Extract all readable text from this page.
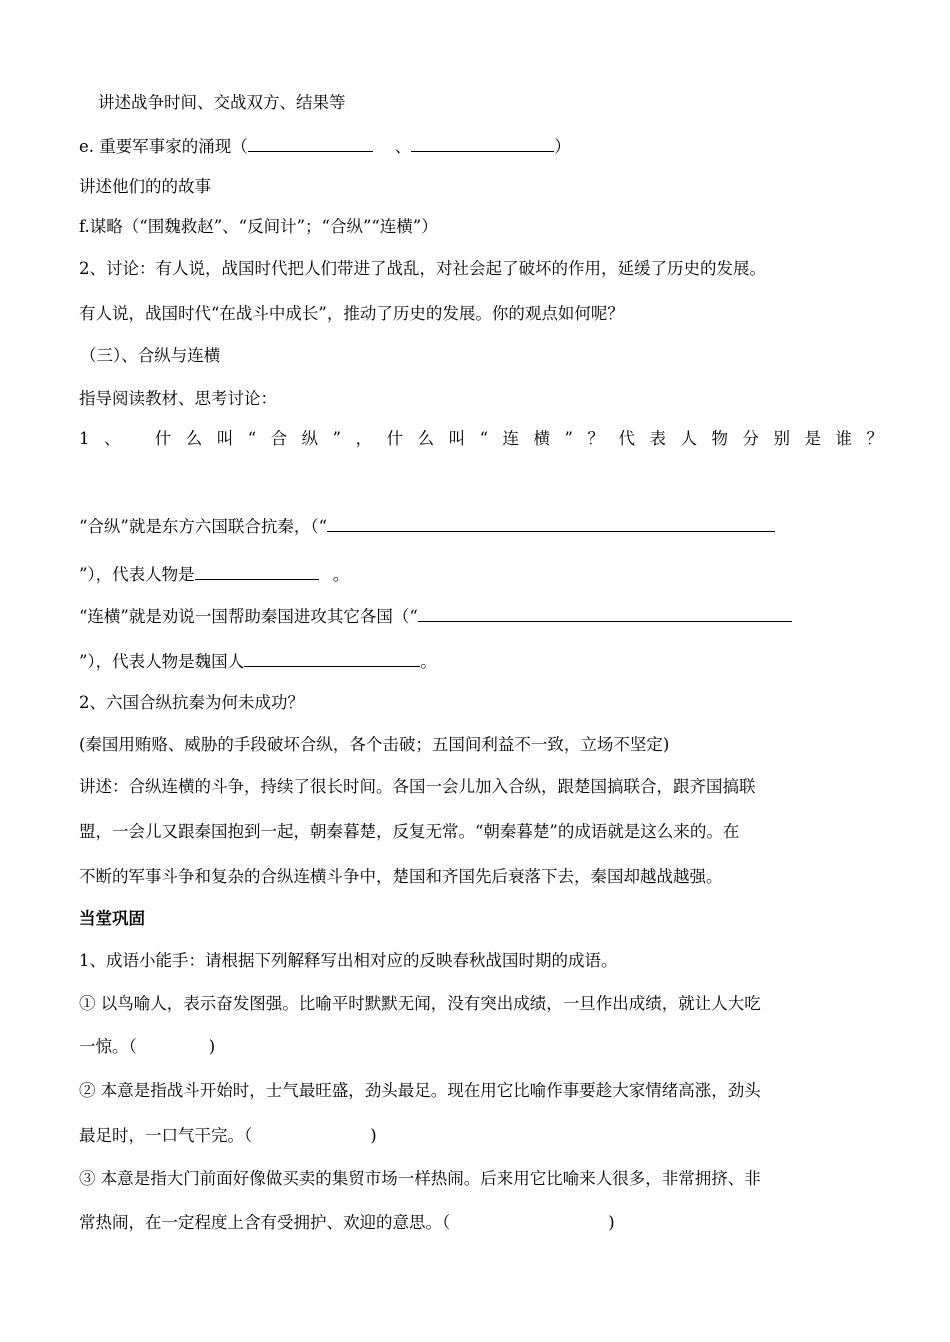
讲述战争时间、交战双方、结果等
e. 重要军事家的涌现（	、	）
讲述他们的的故事
f.谋略（“围魏救赵”、“反间计”；“合纵”“连横”）
2、讨论：有人说，战国时代把人们带进了战乱，对社会起了破坏的作用，延缓了历史的发展。
有人说，战国时代“在战斗中成长”，推动了历史的发展。你的观点如何呢？
（三）、合纵与连横
指导阅读教材、思考讨论：
1、 什么叫“合纵”，什么叫“连横”？代表人物分别是谁？
“合纵”就是东方六国联合抗秦，（“
”），代表人物是	。
“连横”就是劝说一国帮助秦国进攻其它各国（“
”），代表人物是魏国人	。
2、六国合纵抗秦为何未成功？
(秦国用贿赂、威胁的手段破坏合纵，各个击破；五国间利益不一致，立场不坚定)
讲述：合纵连横的斗争，持续了很长时间。各国一会儿加入合纵，跟楚国搞联合，跟齐国搞联
盟，一会儿又跟秦国抱到一起，朝秦暮楚，反复无常。“朝秦暮楚”的成语就是这么来的。在
不断的军事斗争和复杂的合纵连横斗争中，楚国和齐国先后衰落下去，秦国却越战越强。
当堂巩固
1、成语小能手：请根据下列解释写出相对应的反映春秋战国时期的成语。
① 以鸟喻人，表示奋发图强。比喻平时默默无闻，没有突出成绩，一旦作出成绩，就让人大吃
一惊。（	)
② 本意是指战斗开始时，士气最旺盛，劲头最足。现在用它比喻作事要趁大家情绪高涨，劲头
最足时，一口气干完。（	)
③ 本意是指大门前面好像做买卖的集贸市场一样热闹。后来用它比喻来人很多，非常拥挤、非
常热闹，在一定程度上含有受拥护、欢迎的意思。（	)
